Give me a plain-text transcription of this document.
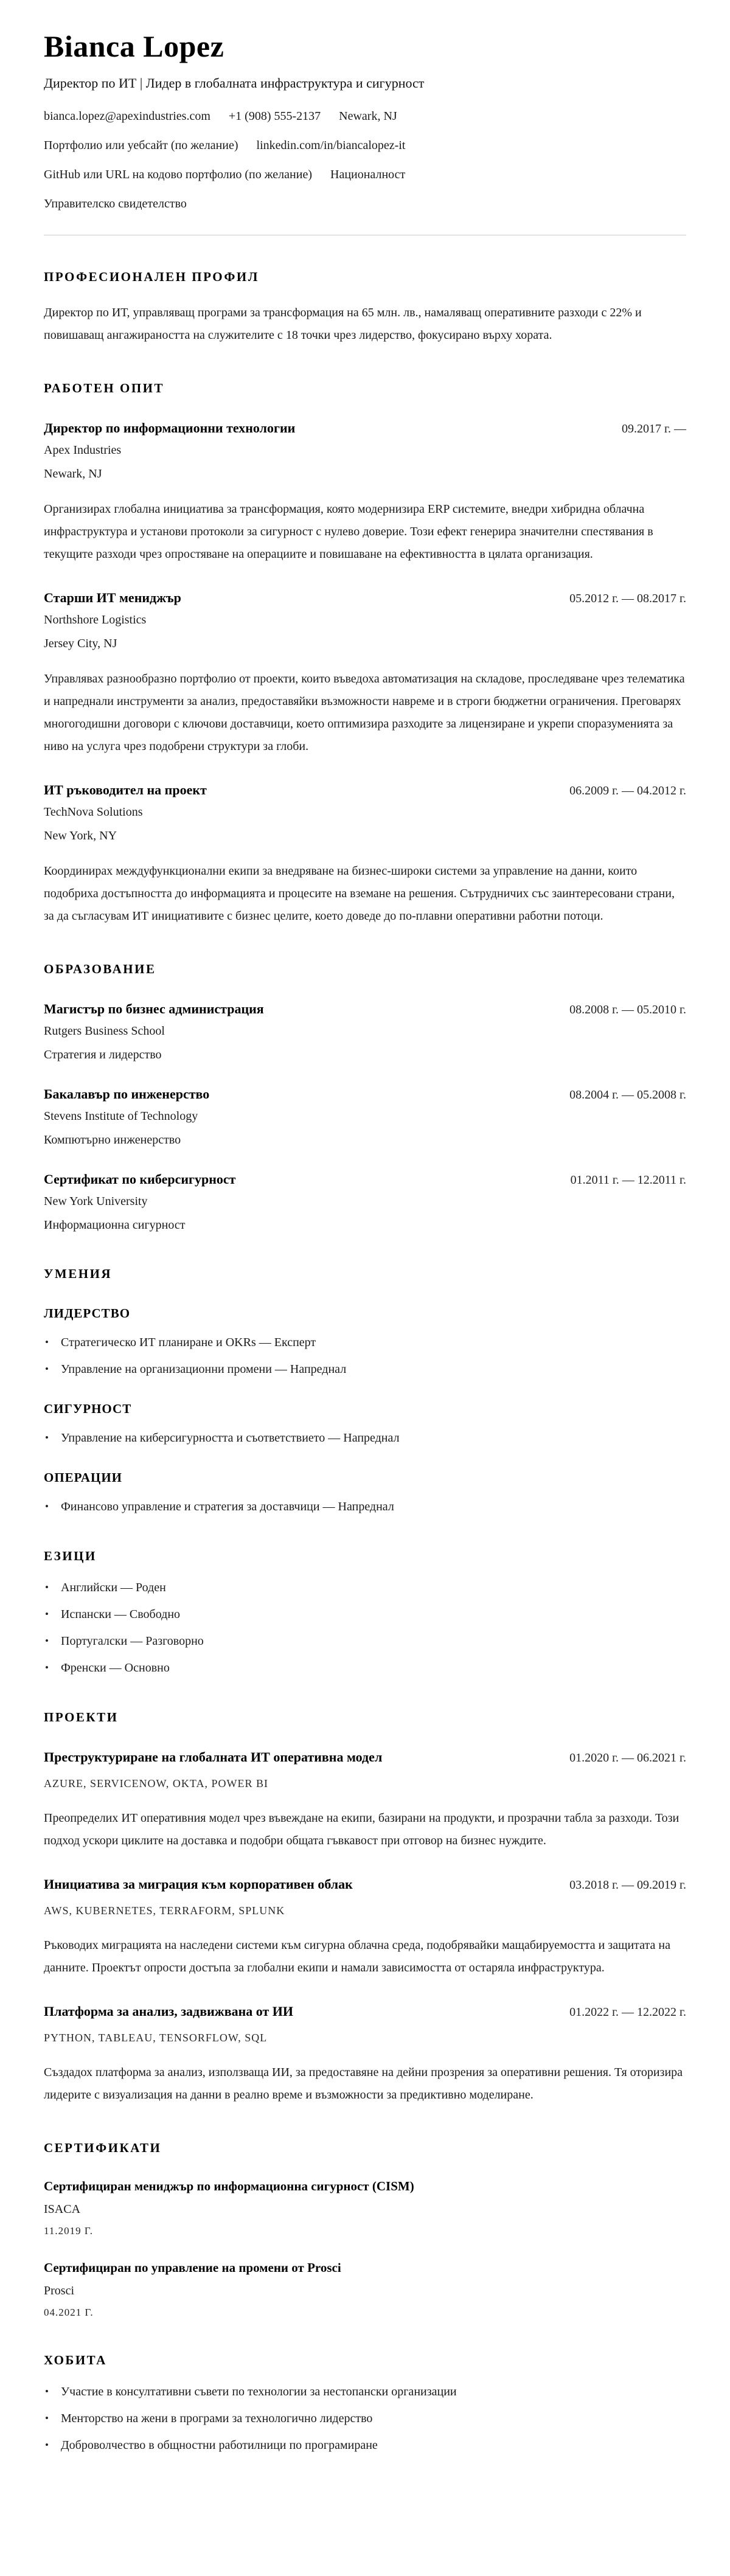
Bianca Lopez
Директор по ИТ | Лидер в глобалната инфраструктура и сигурност
bianca.lopez@apexindustries.com +1 (908) 555-2137 Newark, NJ
Портфолио или уебсайт (по желание) linkedin.com/in/biancalopez-it
GitHub или URL на кодово портфолио (по желание) Националност
Управителско свидетелство
ПРОФЕСИОНАЛЕН ПРОФИЛ

Директор по ИТ, управляващ програми за трансформация на 65 млн. лв., намаляващ оперативните разходи с 22% и повишаващ ангажираността на служителите с 18 точки чрез лидерство, фокусирано върху хората.

РАБОТЕН ОПИТ
Директор по информационни технологии	09.2017 г. —
Apex Industries
Newark, NJ

Организирах глобална инициатива за трансформация, която модернизира ERP системите, внедри хибридна облачна инфраструктура и установи протоколи за сигурност с нулево доверие. Този ефект генерира значителни спестявания в текущите разходи чрез опростяване на операциите и повишаване на ефективността в цялата организация.

Старши ИТ мениджър	05.2012 г. — 08.2017 г.
Northshore Logistics
Jersey City, NJ

Управлявах разнообразно портфолио от проекти, които въведоха автоматизация на складове, проследяване чрез телематика и напреднали инструменти за анализ, предоставяйки възможности навреме и в строги бюджетни ограничения. Преговарях многогодишни договори с ключови доставчици, което оптимизира разходите за лицензиране и укрепи споразуменията за ниво на услуга чрез подобрени структури за глоби.

ИТ ръководител на проект	06.2009 г. — 04.2012 г.
TechNova Solutions
New York, NY

Координирах междуфункционални екипи за внедряване на бизнес-широки системи за управление на данни, които подобриха достъпността до информацията и процесите на вземане на решения. Сътрудничих със заинтересовани страни, за да съгласувам ИТ инициативите с бизнес целите, което доведе до по-плавни оперативни работни потоци.

ОБРАЗОВАНИЕ
Магистър по бизнес администрация	08.2008 г. — 05.2010 г.
Rutgers Business School
Стратегия и лидерство
Бакалавър по инженерство	08.2004 г. — 05.2008 г.
Stevens Institute of Technology
Компютърно инженерство
Сертификат по киберсигурност	01.2011 г. — 12.2011 г.
New York University
Информационна сигурност
УМЕНИЯ
ЛИДЕРСТВО
• Стратегическо ИТ планиране и OKRs — Експерт
• Управление на организационни промени — Напреднал
СИГУРНОСТ
• Управление на киберсигурността и съответствието — Напреднал
ОПЕРАЦИИ
• Финансово управление и стратегия за доставчици — Напреднал
ЕЗИЦИ
• Английски — Роден
• Испански — Свободно
• Португалски — Разговорно
• Френски — Основно
ПРОЕКТИ
Преструктуриране на глобалната ИТ оперативна модел	01.2020 г. — 06.2021 г.
AZURE, SERVICENOW, OKTA, POWER BI

Преопределих ИТ оперативния модел чрез въвеждане на екипи, базирани на продукти, и прозрачни табла за разходи. Този подход ускори циклите на доставка и подобри общата гъвкавост при отговор на бизнес нуждите.

Инициатива за миграция към корпоративен облак	03.2018 г. — 09.2019 г.
AWS, KUBERNETES, TERRAFORM, SPLUNK

Ръководих миграцията на наследени системи към сигурна облачна среда, подобрявайки мащабируемостта и защитата на данните. Проектът опрости достъпа за глобални екипи и намали зависимостта от остаряла инфраструктура.

Платформа за анализ, задвижвана от ИИ	01.2022 г. — 12.2022 г.
PYTHON, TABLEAU, TENSORFLOW, SQL

Създадох платформа за анализ, използваща ИИ, за предоставяне на дейни прозрения за оперативни решения. Тя оторизира лидерите с визуализация на данни в реално време и възможности за предиктивно моделиране.

СЕРТИФИКАТИ
Сертифициран мениджър по информационна сигурност (CISM)
ISACA
11.2019 Г.
Сертифициран по управление на промени от Prosci
Prosci
04.2021 Г.
ХОБИТА
• Участие в консултативни съвети по технологии за нестопански организации
• Менторство на жени в програми за технологично лидерство
• Доброволчество в общностни работилници по програмиране
